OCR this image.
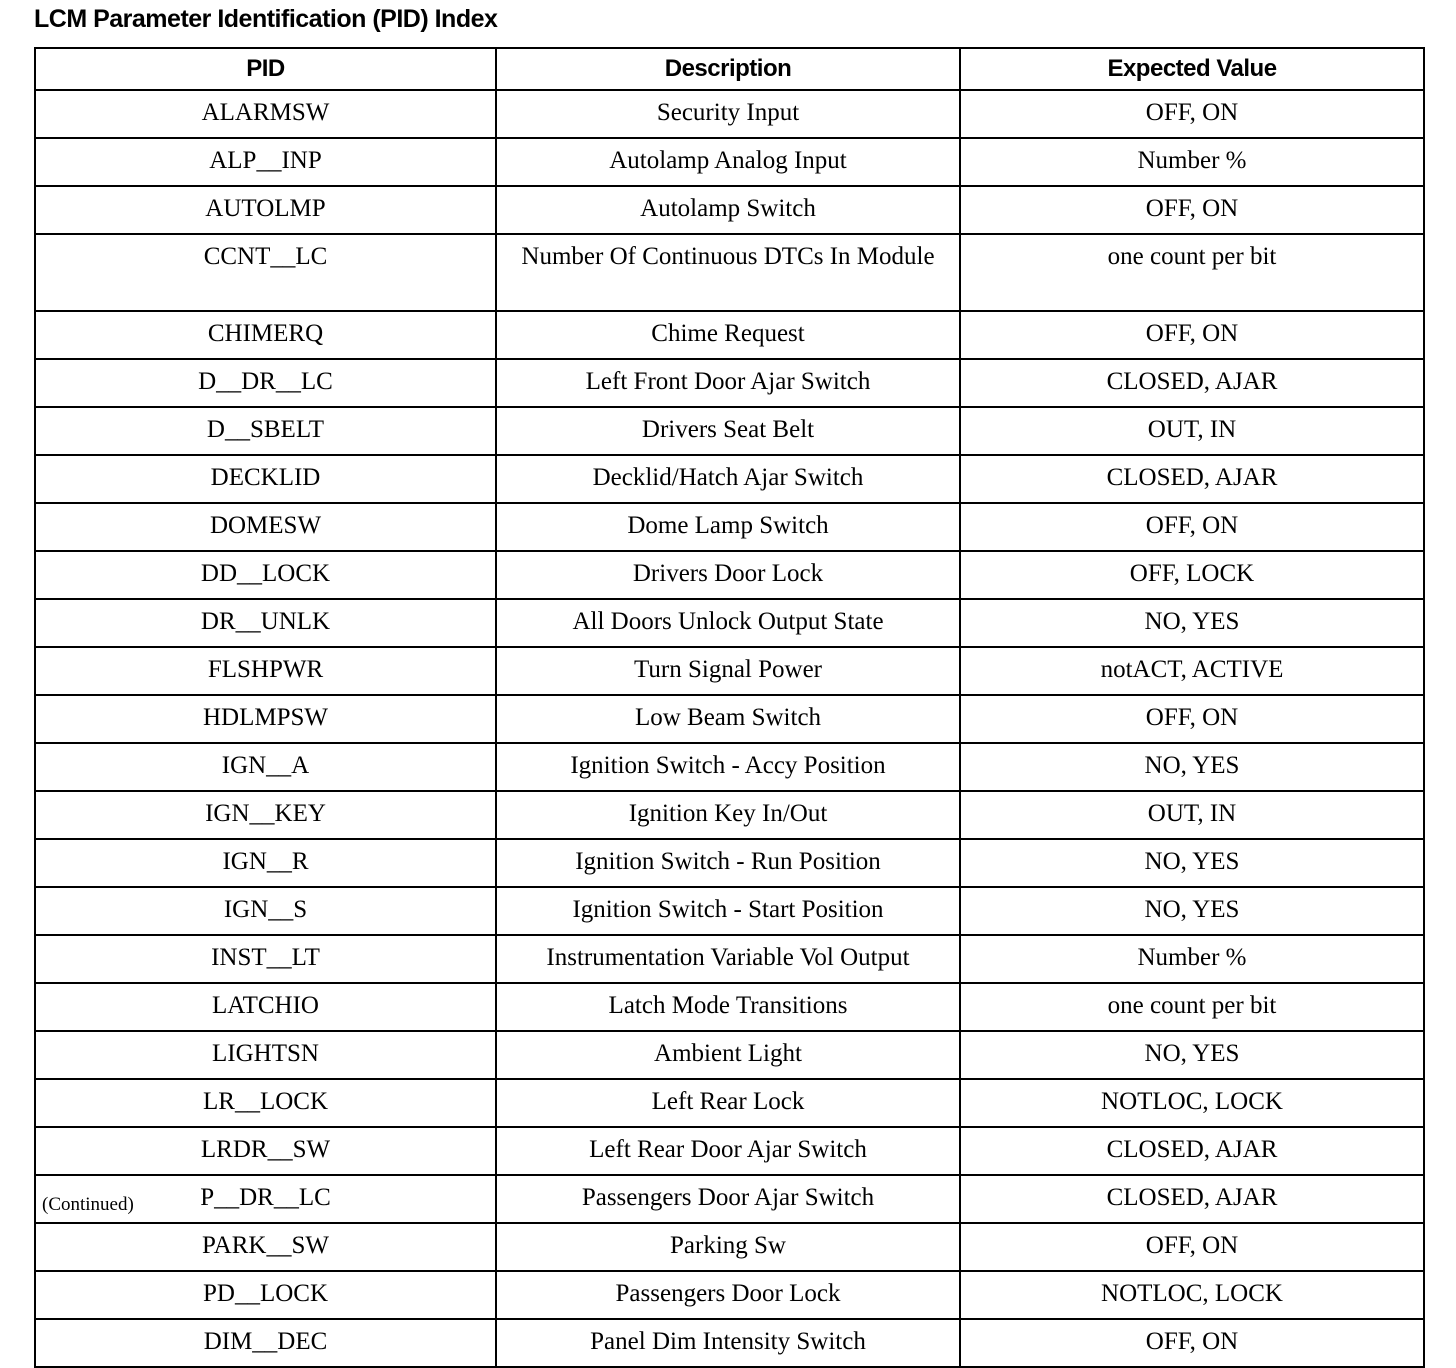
LCM Parameter Identification (PID) Index
PID	Description	Expected Value
ALARMSW	Security Input	OFF, ON
ALP__INP	Autolamp Analog Input	Number %
AUTOLMP	Autolamp Switch	OFF, ON
CCNT__LC	Number Of Continuous DTCs In Module	one count per bit
CHIMERQ	Chime Request	OFF, ON
D__DR__LC	Left Front Door Ajar Switch	CLOSED, AJAR
D__SBELT	Drivers Seat Belt	OUT, IN
DECKLID	Decklid/Hatch Ajar Switch	CLOSED, AJAR
DOMESW	Dome Lamp Switch	OFF, ON
DD__LOCK	Drivers Door Lock	OFF, LOCK
DR__UNLK	All Doors Unlock Output State	NO, YES
FLSHPWR	Turn Signal Power	notACT, ACTIVE
HDLMPSW	Low Beam Switch	OFF, ON
IGN__A	Ignition Switch - Accy Position	NO, YES
IGN__KEY	Ignition Key In/Out	OUT, IN
IGN__R	Ignition Switch - Run Position	NO, YES
IGN__S	Ignition Switch - Start Position	NO, YES
INST__LT	Instrumentation Variable Vol Output	Number %
LATCHIO	Latch Mode Transitions	one count per bit
LIGHTSN	Ambient Light	NO, YES
LR__LOCK	Left Rear Lock	NOTLOC, LOCK
LRDR__SW	Left Rear Door Ajar Switch	CLOSED, AJAR
P__DR__LC	Passengers Door Ajar Switch	CLOSED, AJAR
PARK__SW	Parking Sw	OFF, ON
PD__LOCK	Passengers Door Lock	NOTLOC, LOCK
DIM__DEC	Panel Dim Intensity Switch	OFF, ON
(Continued)
